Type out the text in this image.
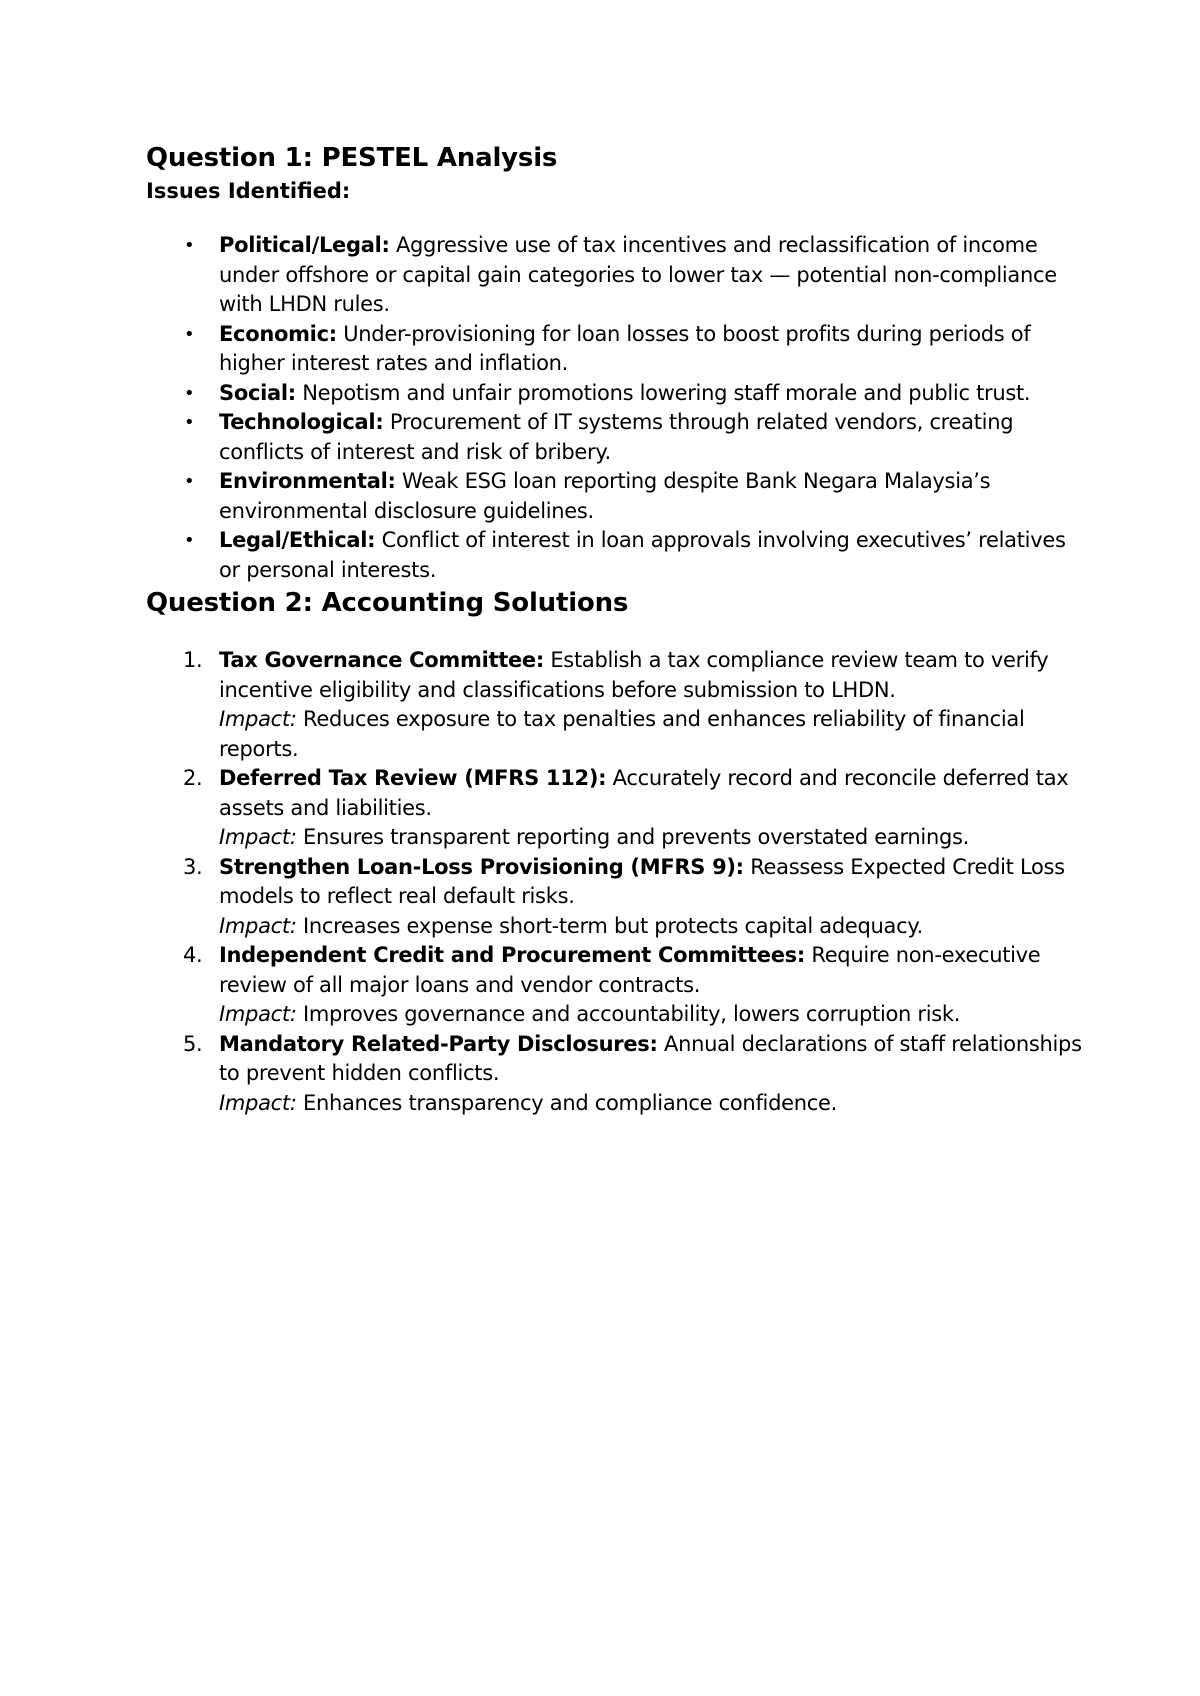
Question 1: PESTEL Analysis
Issues Identified:
• Political/Legal: Aggressive use of tax incentives and reclassification of income under offshore or capital gain categories to lower tax — potential non-compliance with LHDN rules.
• Economic: Under-provisioning for loan losses to boost profits during periods of higher interest rates and inflation.
• Social: Nepotism and unfair promotions lowering staff morale and public trust.
• Technological: Procurement of IT systems through related vendors, creating conflicts of interest and risk of bribery.
• Environmental: Weak ESG loan reporting despite Bank Negara Malaysia’s environmental disclosure guidelines.
• Legal/Ethical: Conflict of interest in loan approvals involving executives’ relatives or personal interests.
Question 2: Accounting Solutions
1. Tax Governance Committee: Establish a tax compliance review team to verify incentive eligibility and classifications before submission to LHDN.
Impact: Reduces exposure to tax penalties and enhances reliability of financial reports.
2. Deferred Tax Review (MFRS 112): Accurately record and reconcile deferred tax assets and liabilities.
Impact: Ensures transparent reporting and prevents overstated earnings.
3. Strengthen Loan-Loss Provisioning (MFRS 9): Reassess Expected Credit Loss models to reflect real default risks.
Impact: Increases expense short-term but protects capital adequacy.
4. Independent Credit and Procurement Committees: Require non-executive review of all major loans and vendor contracts.
Impact: Improves governance and accountability, lowers corruption risk.
5. Mandatory Related-Party Disclosures: Annual declarations of staff relationships to prevent hidden conflicts.
Impact: Enhances transparency and compliance confidence.
